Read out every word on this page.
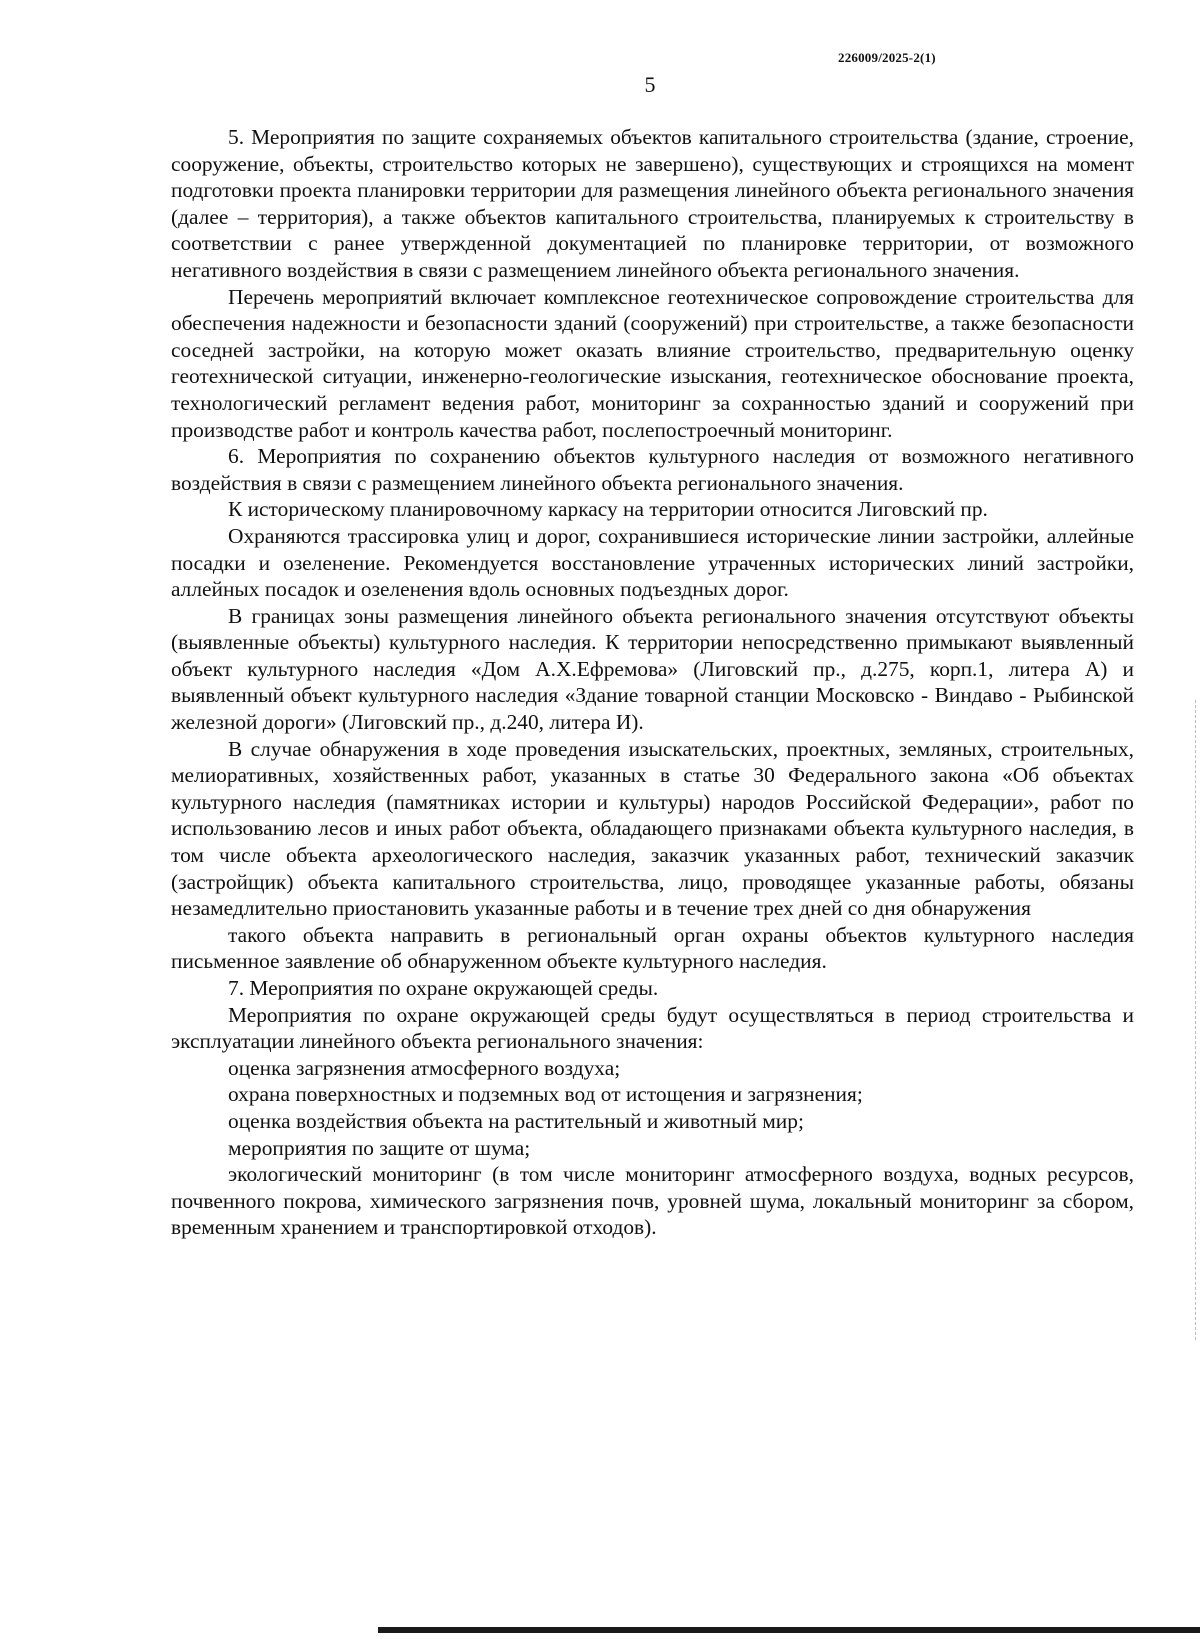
226009/2025-2(1)
5

5. Мероприятия по защите сохраняемых объектов капитального строительства (здание, строение, сооружение, объекты, строительство которых не завершено), существующих и строящихся на момент подготовки проекта планировки территории для размещения линейного объекта регионального значения (далее – территория), а также объектов капитального строительства, планируемых к строительству в соответствии с ранее утвержденной документацией по планировке территории, от возможного негативного воздействия в связи с размещением линейного объекта регионального значения.

Перечень мероприятий включает комплексное геотехническое сопровождение строительства для обеспечения надежности и безопасности зданий (сооружений) при строительстве, а также безопасности соседней застройки, на которую может оказать влияние строительство, предварительную оценку геотехнической ситуации, инженерно-геологические изыскания, геотехническое обоснование проекта, технологический регламент ведения работ, мониторинг за сохранностью зданий и сооружений при производстве работ и контроль качества работ, послепостроечный мониторинг.

6. Мероприятия по сохранению объектов культурного наследия от возможного негативного воздействия в связи с размещением линейного объекта регионального значения.

К историческому планировочному каркасу на территории относится Лиговский пр.

Охраняются трассировка улиц и дорог, сохранившиеся исторические линии застройки, аллейные посадки и озеленение. Рекомендуется восстановление утраченных исторических линий застройки, аллейных посадок и озеленения вдоль основных подъездных дорог.

В границах зоны размещения линейного объекта регионального значения отсутствуют объекты (выявленные объекты) культурного наследия. К территории непосредственно примыкают выявленный объект культурного наследия «Дом А.Х.Ефремова» (Лиговский пр., д.275, корп.1, литера А) и выявленный объект культурного наследия «Здание товарной станции Московско - Виндаво - Рыбинской железной дороги» (Лиговский пр., д.240, литера И).

В случае обнаружения в ходе проведения изыскательских, проектных, земляных, строительных, мелиоративных, хозяйственных работ, указанных в статье 30 Федерального закона «Об объектах культурного наследия (памятниках истории и культуры) народов Российской Федерации», работ по использованию лесов и иных работ объекта, обладающего признаками объекта культурного наследия, в том числе объекта археологического наследия, заказчик указанных работ, технический заказчик (застройщик) объекта капитального строительства, лицо, проводящее указанные работы, обязаны незамедлительно приостановить указанные работы и в течение трех дней со дня обнаружения

такого объекта направить в региональный орган охраны объектов культурного наследия письменное заявление об обнаруженном объекте культурного наследия.

7. Мероприятия по охране окружающей среды.

Мероприятия по охране окружающей среды будут осуществляться в период строительства и эксплуатации линейного объекта регионального значения:

оценка загрязнения атмосферного воздуха;

охрана поверхностных и подземных вод от истощения и загрязнения;

оценка воздействия объекта на растительный и животный мир;

мероприятия по защите от шума;

экологический мониторинг (в том числе мониторинг атмосферного воздуха, водных ресурсов, почвенного покрова, химического загрязнения почв, уровней шума, локальный мониторинг за сбором, временным хранением и транспортировкой отходов).
